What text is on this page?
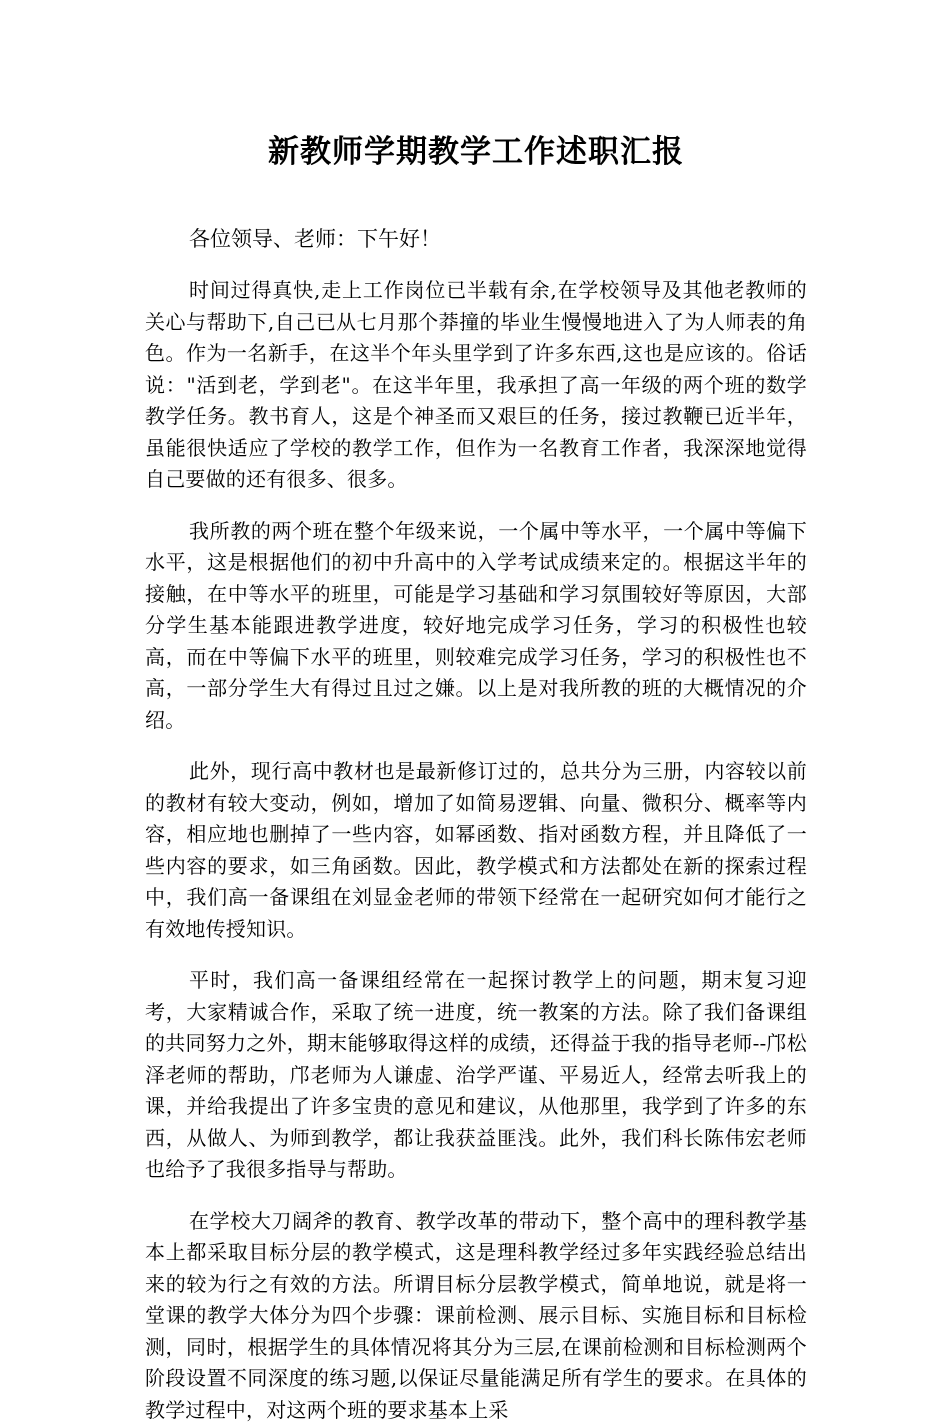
新教师学期教学工作述职汇报

各位领导、老师：下午好！

时间过得真快,走上工作岗位已半载有余,在学校领导及其他老教师的关心与帮助下,自己已从七月那个莽撞的毕业生慢慢地进入了为人师表的角色。作为一名新手，在这半个年头里学到了许多东西,这也是应该的。俗话说："活到老，学到老"。在这半年里，我承担了高一年级的两个班的数学教学任务。教书育人，这是个神圣而又艰巨的任务，接过教鞭已近半年，虽能很快适应了学校的教学工作，但作为一名教育工作者，我深深地觉得自己要做的还有很多、很多。

我所教的两个班在整个年级来说，一个属中等水平，一个属中等偏下水平，这是根据他们的初中升高中的入学考试成绩来定的。根据这半年的接触，在中等水平的班里，可能是学习基础和学习氛围较好等原因，大部分学生基本能跟进教学进度，较好地完成学习任务，学习的积极性也较高，而在中等偏下水平的班里，则较难完成学习任务，学习的积极性也不高，一部分学生大有得过且过之嫌。以上是对我所教的班的大概情况的介绍。

此外，现行高中教材也是最新修订过的，总共分为三册，内容较以前的教材有较大变动，例如，增加了如简易逻辑、向量、微积分、概率等内容，相应地也删掉了一些内容，如幂函数、指对函数方程，并且降低了一些内容的要求，如三角函数。因此，教学模式和方法都处在新的探索过程中，我们高一备课组在刘显金老师的带领下经常在一起研究如何才能行之有效地传授知识。

平时，我们高一备课组经常在一起探讨教学上的问题，期末复习迎考，大家精诚合作，采取了统一进度，统一教案的方法。除了我们备课组的共同努力之外，期末能够取得这样的成绩，还得益于我的指导老师--邝松泽老师的帮助，邝老师为人谦虚、治学严谨、平易近人，经常去听我上的课，并给我提出了许多宝贵的意见和建议，从他那里，我学到了许多的东西，从做人、为师到教学，都让我获益匪浅。此外，我们科长陈伟宏老师也给予了我很多指导与帮助。

在学校大刀阔斧的教育、教学改革的带动下，整个高中的理科教学基本上都采取目标分层的教学模式，这是理科教学经过多年实践经验总结出来的较为行之有效的方法。所谓目标分层教学模式，简单地说，就是将一堂课的教学大体分为四个步骤：课前检测、展示目标、实施目标和目标检测，同时，根据学生的具体情况将其分为三层,在课前检测和目标检测两个阶段设置不同深度的练习题,以保证尽量能满足所有学生的要求。在具体的教学过程中，对这两个班的要求基本上采
